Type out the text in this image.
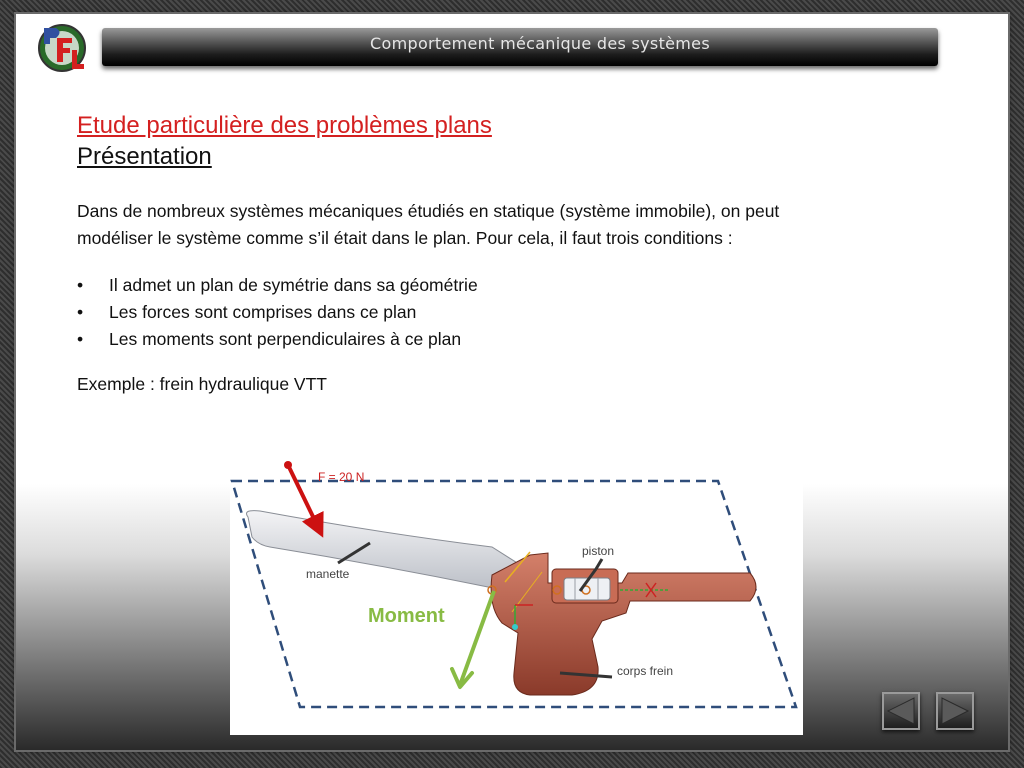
Comportement mécanique des systèmes

Etude particulière des problèmes plans

Présentation

Dans de nombreux systèmes mécaniques étudiés en statique (système immobile), on peut
modéliser le système comme s’il était dans le plan. Pour cela, il faut trois conditions :

• Il admet un plan de symétrie dans sa géométrie
• Les forces sont comprises dans ce plan
• Les moments sont perpendiculaires à ce plan

Exemple : frein hydraulique VTT

F = 20 N
Moment
manette
piston
corps frein
